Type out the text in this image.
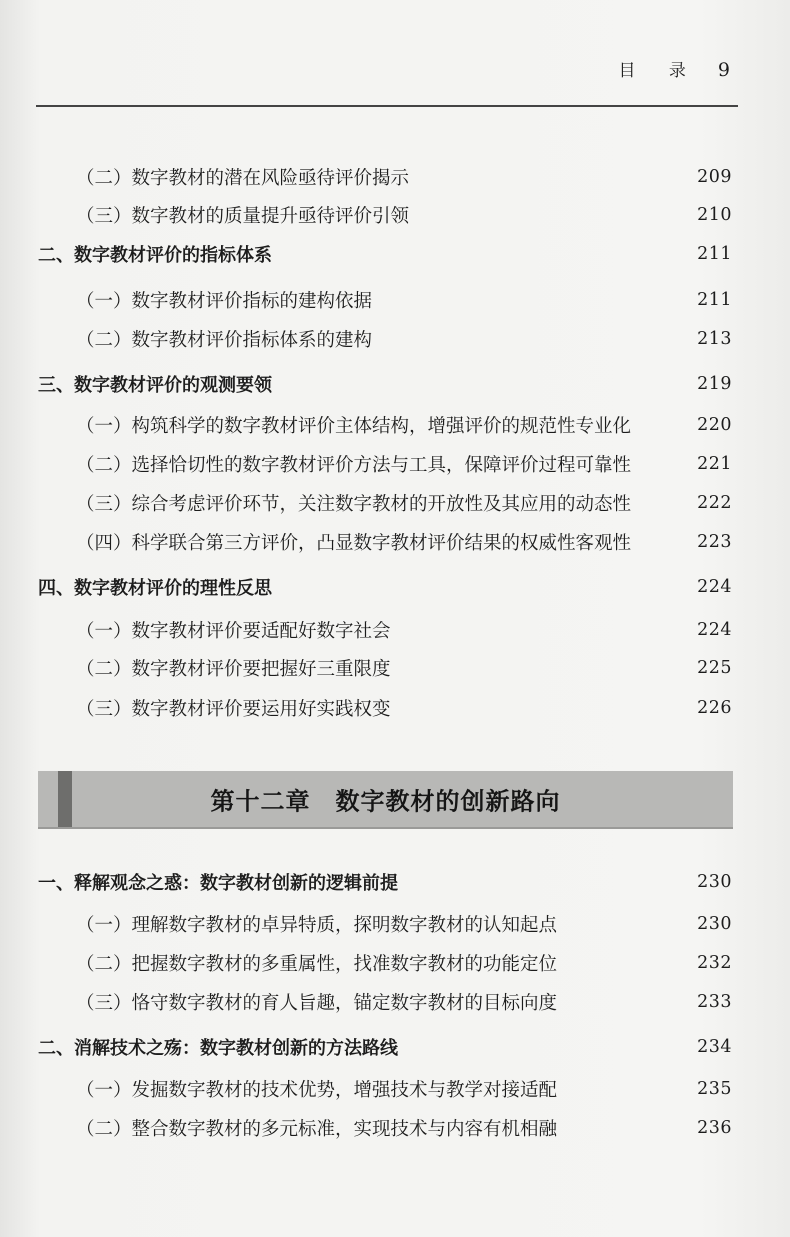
目 录 9
（二）数字教材的潜在风险亟待评价揭示	209
（三）数字教材的质量提升亟待评价引领	210
二、数字教材评价的指标体系	211
（一）数字教材评价指标的建构依据	211
（二）数字教材评价指标体系的建构	213
三、数字教材评价的观测要领	219
（一）构筑科学的数字教材评价主体结构，增强评价的规范性专业化	220
（二）选择恰切性的数字教材评价方法与工具，保障评价过程可靠性	221
（三）综合考虑评价环节，关注数字教材的开放性及其应用的动态性	222
（四）科学联合第三方评价，凸显数字教材评价结果的权威性客观性	223
四、数字教材评价的理性反思	224
（一）数字教材评价要适配好数字社会	224
（二）数字教材评价要把握好三重限度	225
（三）数字教材评价要运用好实践权变	226
第十二章　数字教材的创新路向
一、释解观念之惑：数字教材创新的逻辑前提	230
（一）理解数字教材的卓异特质，探明数字教材的认知起点	230
（二）把握数字教材的多重属性，找准数字教材的功能定位	232
（三）恪守数字教材的育人旨趣，锚定数字教材的目标向度	233
二、消解技术之殇：数字教材创新的方法路线	234
（一）发掘数字教材的技术优势，增强技术与教学对接适配	235
（二）整合数字教材的多元标准，实现技术与内容有机相融	236
